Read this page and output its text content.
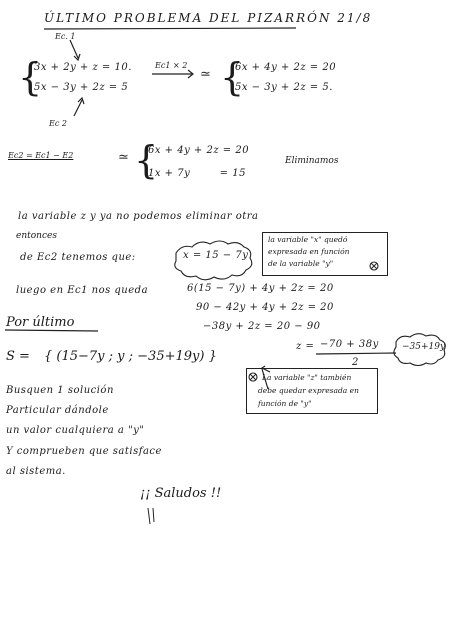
ÚLTIMO PROBLEMA DEL PIZARRÓN 21/8
Ec. 1
Ec 2
Ec1 × 2
≃
{
3x + 2y + z = 10.
5x − 3y + 2z = 5 {
6x + 4y + 2z = 20
5x − 3y + 2z = 5.
Ec2 = Ec1 − E2	≃ {
6x + 4y + 2z = 20
1x + 7y        = 15
Eliminamos
la variable z y ya no podemos eliminar otra
entonces
de Ec2 tenemos que:	x = 15 − 7y
la variable "x" quedó
expresada en función
de la variable "y"
luego en Ec1 nos queda	6(15 − 7y) + 4y + 2z = 20
90 − 42y + 4y + 2z = 20
−38y + 2z = 20 − 90
z = −70 + 38y
2
−35+19y
Por último
S = { (15−7y ; y ; −35+19y) }
La variable "z" también
debe quedar expresada en
función de "y"
Busquen 1 solución
Particular dándole
un valor cualquiera a "y"
Y comprueben que satisface
al sistema.
¡¡ Saludos !!
